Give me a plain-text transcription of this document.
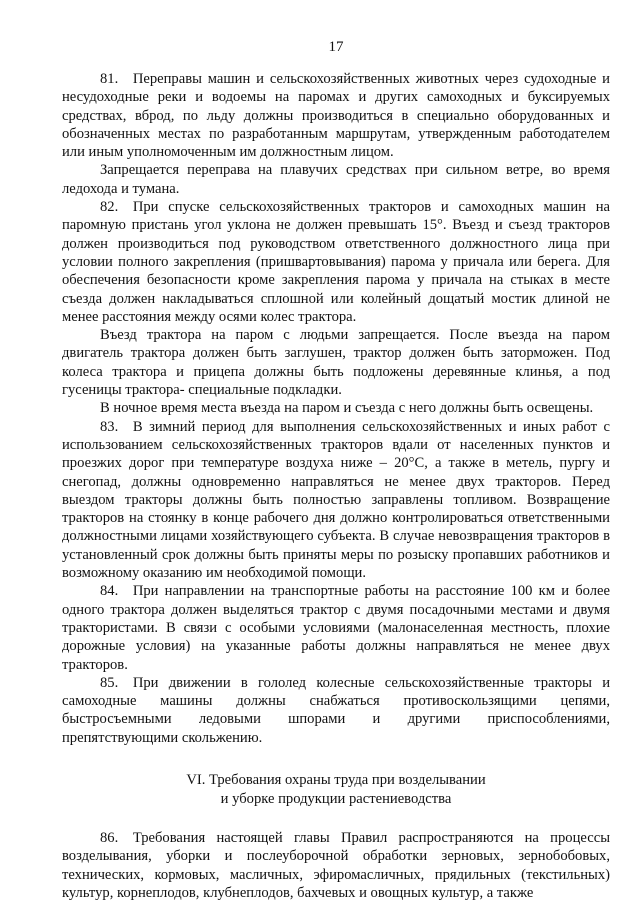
17

81. Переправы машин и сельскохозяйственных животных через судоходные и несудоходные реки и водоемы на паромах и других самоходных и буксируемых средствах, вброд, по льду должны производиться в специально оборудованных и обозначенных местах по разработанным маршрутам, утвержденным работодателем или иным уполномоченным им должностным лицом.

Запрещается переправа на плавучих средствах при сильном ветре, во время ледохода и тумана.

82. При спуске сельскохозяйственных тракторов и самоходных машин на паромную пристань угол уклона не должен превышать 15°. Въезд и съезд тракторов должен производиться под руководством ответственного должностного лица при условии полного закрепления (пришвартовывания) парома у причала или берега. Для обеспечения безопасности кроме закрепления парома у причала на стыках в месте съезда должен накладываться сплошной или колейный дощатый мостик длиной не менее расстояния между осями колес трактора.

Въезд трактора на паром с людьми запрещается. После въезда на паром двигатель трактора должен быть заглушен, трактор должен быть заторможен. Под колеса трактора и прицепа должны быть подложены деревянные клинья, а под гусеницы трактора- специальные подкладки.

В ночное время места въезда на паром и съезда с него должны быть освещены.

83. В зимний период для выполнения сельскохозяйственных и иных работ с использованием сельскохозяйственных тракторов вдали от населенных пунктов и проезжих дорог при температуре воздуха ниже – 20°С, а также в метель, пургу и снегопад, должны одновременно направляться не менее двух тракторов. Перед выездом тракторы должны быть полностью заправлены топливом. Возвращение тракторов на стоянку в конце рабочего дня должно контролироваться ответственными должностными лицами хозяйствующего субъекта. В случае невозвращения тракторов в установленный срок должны быть приняты меры по розыску пропавших работников и возможному оказанию им необходимой помощи.

84. При направлении на транспортные работы на расстояние 100 км и более одного трактора должен выделяться трактор с двумя посадочными местами и двумя трактористами. В связи с особыми условиями (малонаселенная местность, плохие дорожные условия) на указанные работы должны направляться не менее двух тракторов.

85. При движении в гололед колесные сельскохозяйственные тракторы и самоходные машины должны снабжаться противоскользящими цепями, быстросъемными ледовыми шпорами и другими приспособлениями, препятствующими скольжению.

VI. Требования охраны труда при возделывании
и уборке продукции растениеводства

86. Требования настоящей главы Правил распространяются на процессы возделывания, уборки и послеуборочной обработки зерновых, зернобобовых, технических, кормовых, масличных, эфиромасличных, прядильных (текстильных) культур, корнеплодов, клубнеплодов, бахчевых и овощных культур, а также
